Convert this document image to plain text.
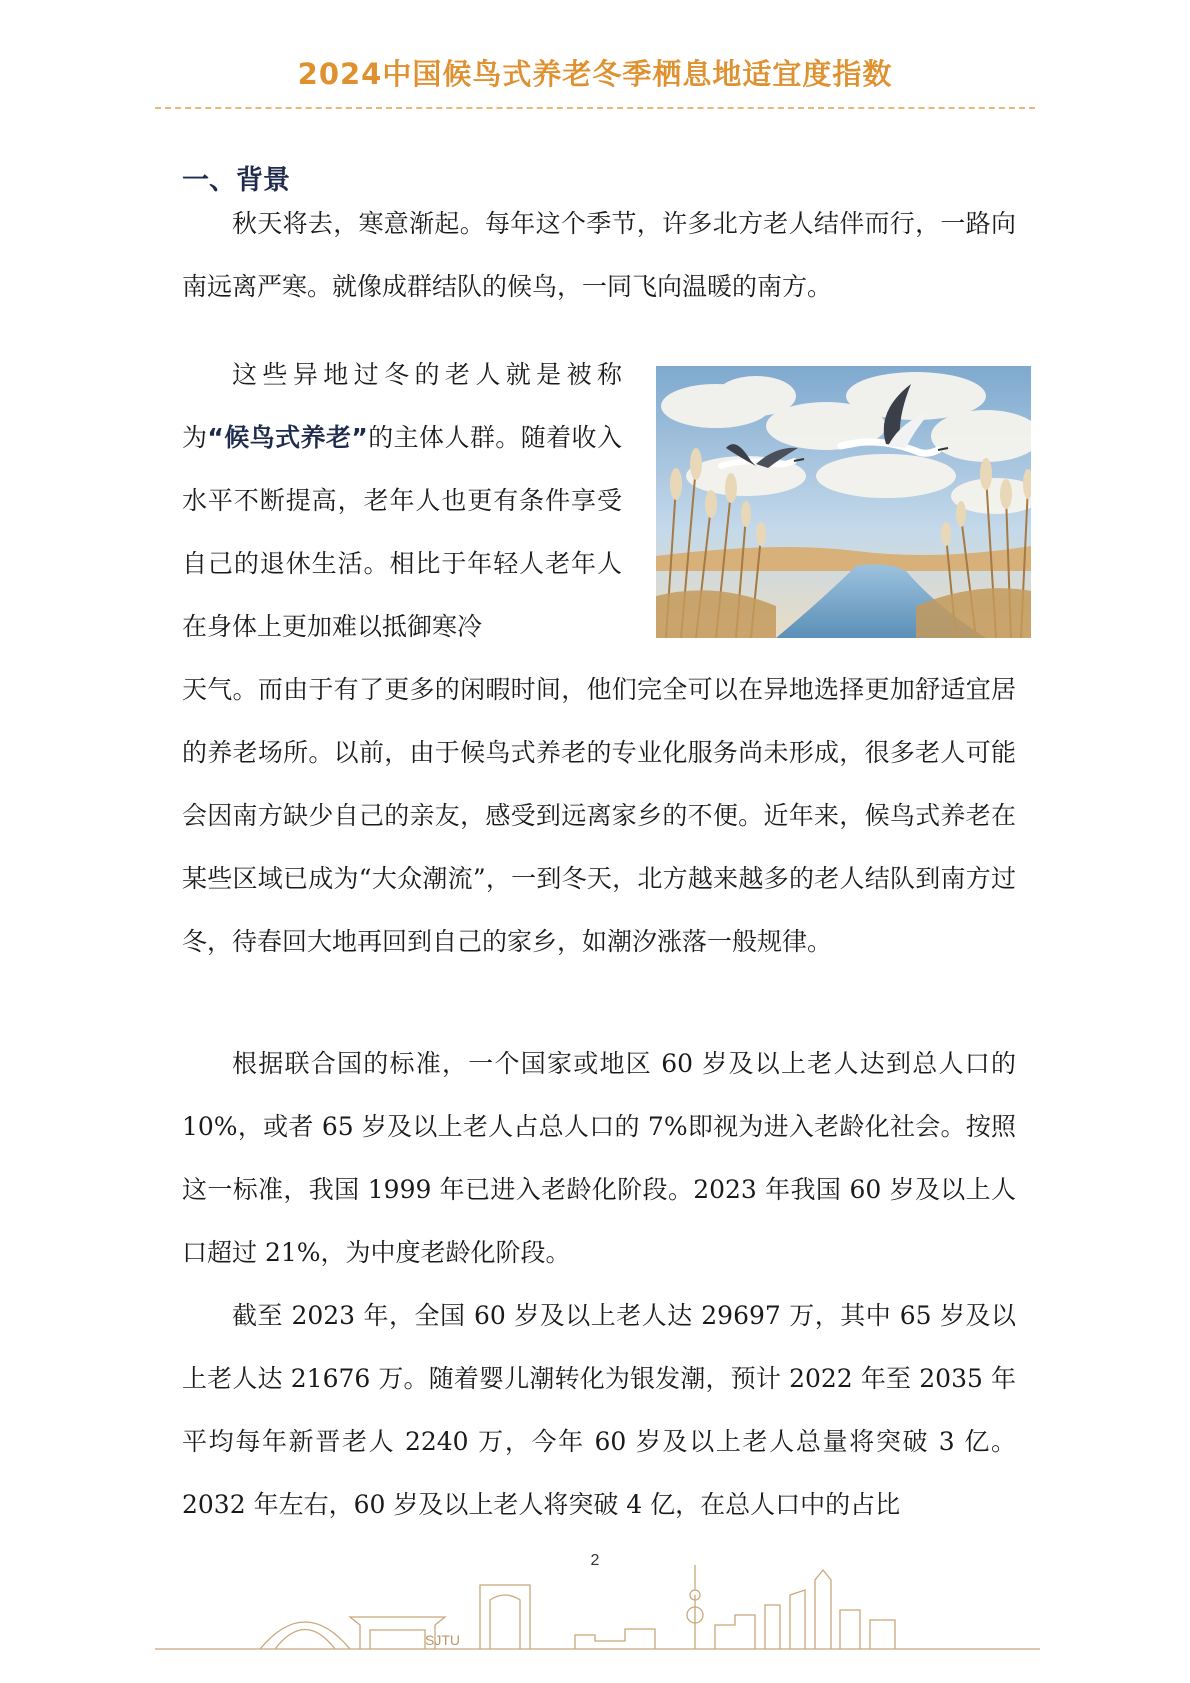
2024中国候鸟式养老冬季栖息地适宜度指数
一、背景

秋天将去，寒意渐起。每年这个季节，许多北方老人结伴而行，一路向南远离严寒。就像成群结队的候鸟，一同飞向温暖的南方。

这些异地过冬的老人就是被称为“候鸟式养老”的主体人群。随着收入水平不断提高，老年人也更有条件享受自己的退休生活。相比于年轻人老年人在身体上更加难以抵御寒冷

天气。而由于有了更多的闲暇时间，他们完全可以在异地选择更加舒适宜居的养老场所。以前，由于候鸟式养老的专业化服务尚未形成，很多老人可能会因南方缺少自己的亲友，感受到远离家乡的不便。近年来，候鸟式养老在某些区域已成为“大众潮流”，一到冬天，北方越来越多的老人结队到南方过冬，待春回大地再回到自己的家乡，如潮汐涨落一般规律。

根据联合国的标准，一个国家或地区 60 岁及以上老人达到总人口的 10%，或者 65 岁及以上老人占总人口的 7%即视为进入老龄化社会。按照这一标准，我国 1999 年已进入老龄化阶段。2023 年我国 60 岁及以上人口超过 21%，为中度老龄化阶段。

截至 2023 年，全国 60 岁及以上老人达 29697 万，其中 65 岁及以上老人达 21676 万。随着婴儿潮转化为银发潮，预计 2022 年至 2035 年平均每年新晋老人 2240 万，今年 60 岁及以上老人总量将突破 3 亿。2032 年左右，60 岁及以上老人将突破 4 亿，在总人口中的占比

2
SJTU
